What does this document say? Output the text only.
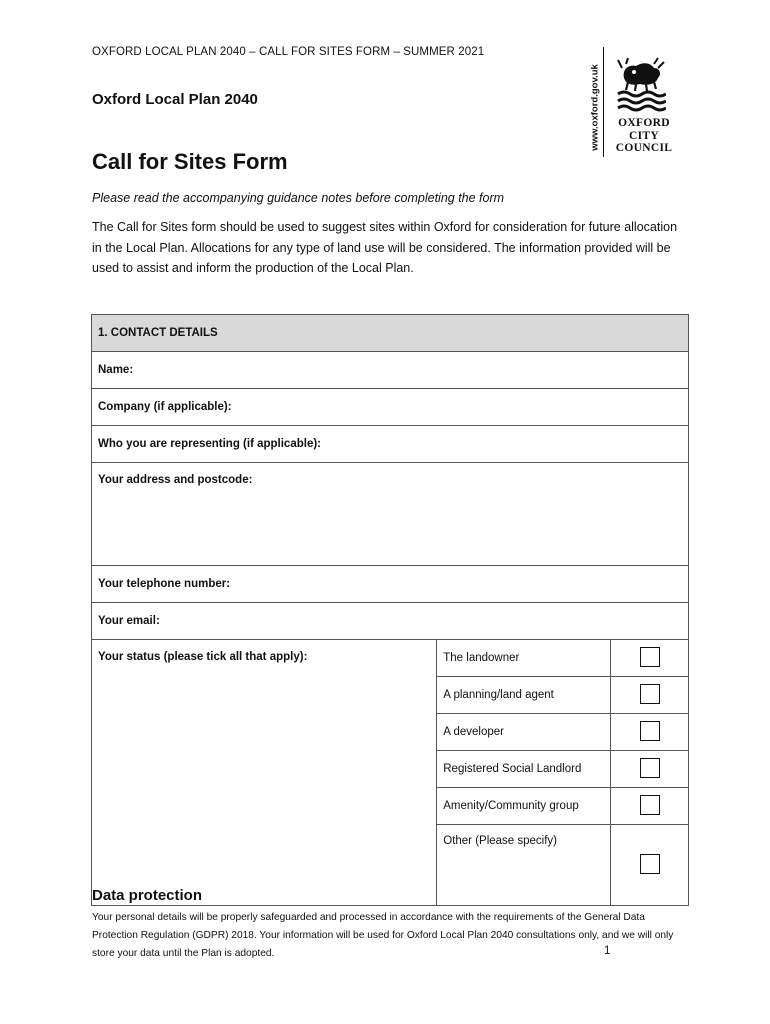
OXFORD LOCAL PLAN 2040 – CALL FOR SITES FORM – SUMMER 2021
Oxford Local Plan 2040
Call for Sites Form
Please read the accompanying guidance notes before completing the form
The Call for Sites form should be used to suggest sites within Oxford for consideration for future allocation in the Local Plan. Allocations for any type of land use will be considered. The information provided will be used to assist and inform the production of the Local Plan.
www.oxford.gov.uk	OXFORD
CITY
COUNCIL
1. CONTACT DETAILS		
Name:		
Company (if applicable):		
Who you are representing (if applicable):		
Your address and postcode:		
Your telephone number:		
Your email:		
Your status (please tick all that apply):	The landowner	
	A planning/land agent	
	A developer	
	Registered Social Landlord	
	Amenity/Community group	
	Other (Please specify)	
Data protection
Your personal details will be properly safeguarded and processed in accordance with the requirements of the General Data Protection Regulation (GDPR) 2018. Your information will be used for Oxford Local Plan 2040 consultations only, and we will only store your data until the Plan is adopted.	1
